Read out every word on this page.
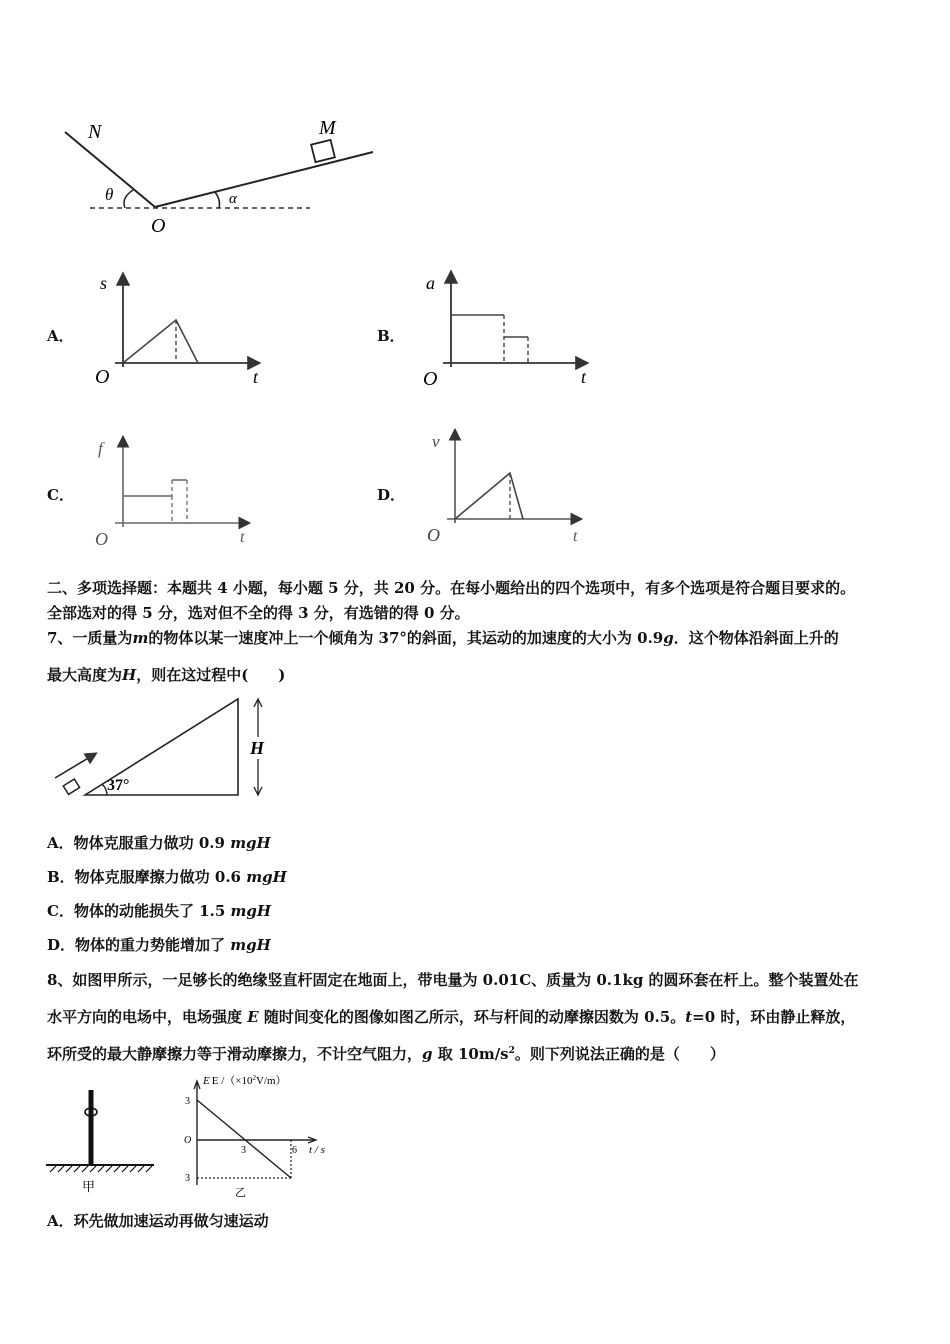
N	M
θ
O
α
A．
s
t
O
B．
a
t
O
C．
f
t
O
D．
v
t
O
二、多项选择题：本题共 4 小题，每小题 5 分，共 20 分。在每小题给出的四个选项中，有多个选项是符合题目要求的。
全部选对的得 5 分，选对但不全的得 3 分，有选错的得 0 分。
7、一质量为m的物体以某一速度冲上一个倾角为 37°的斜面，其运动的加速度的大小为 0.9g．这个物体沿斜面上升的
最大高度为H，则在这过程中(　　)
37°
H
A．物体克服重力做功 0.9 mgH
B．物体克服摩擦力做功 0.6 mgH
C．物体的动能损失了 1.5 mgH
D．物体的重力势能增加了 mgH
8、如图甲所示，一足够长的绝缘竖直杆固定在地面上，带电量为 0.01C、质量为 0.1kg 的圆环套在杆上。整个装置处在
水平方向的电场中，电场强度 E 随时间变化的图像如图乙所示，环与杆间的动摩擦因数为 0.5。t=0 时，环由静止释放，
环所受的最大静摩擦力等于滑动摩擦力，不计空气阻力，g 取 $10m/s^2$。则下列说法正确的是（　　）
甲
E E $/(\times 10^2V/m)$
3
O
3
3	6 t / s
乙
A．环先做加速运动再做匀速运动
